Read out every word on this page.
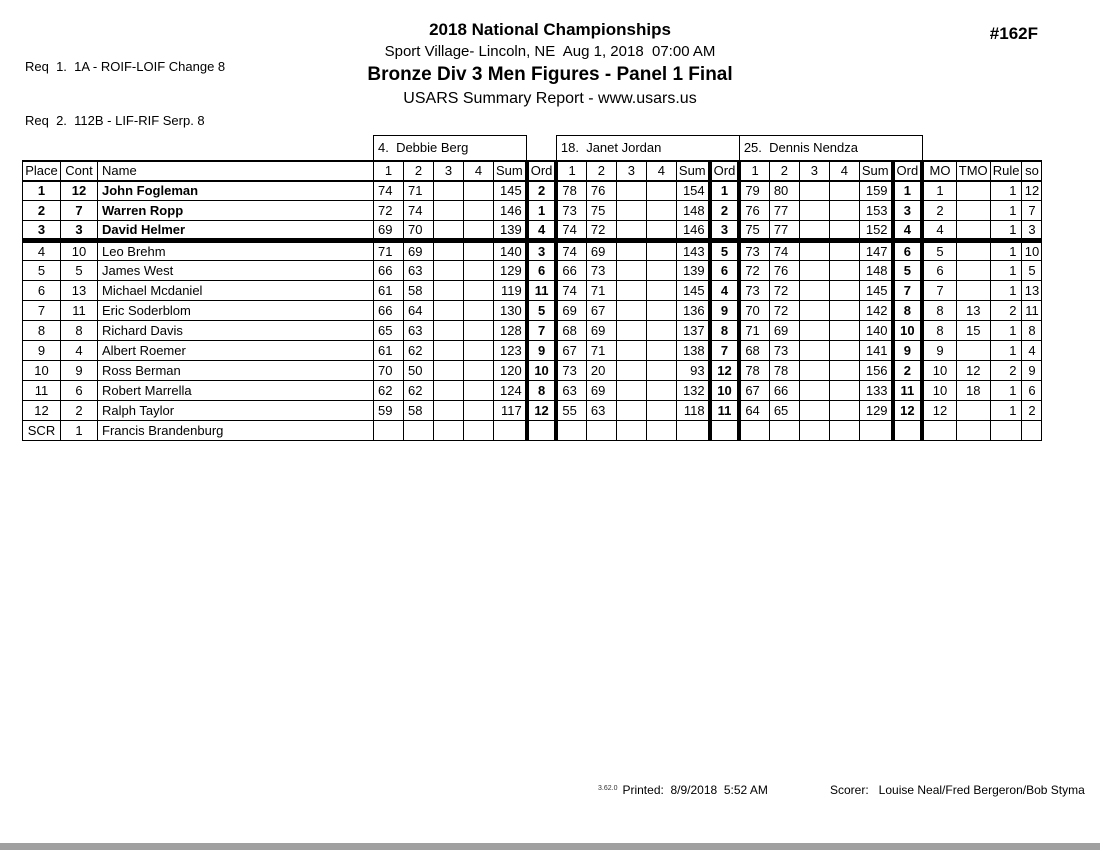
Req  1.  1A - ROIF-LOIF Change 8

Req  2.  112B - LIF-RIF Serp. 8

2018 National Championships
Sport Village- Lincoln, NE  Aug 1, 2018  07:00 AM
Bronze Div 3 Men Figures - Panel 1 Final
USARS Summary Report - www.usars.us
#162F
			4.  Debbie Berg						18.  Janet Jordan						25.  Dennis Nendza									
Place	Cont	Name	1	2	3	4	Sum	Ord	1	2	3	4	Sum	Ord	1	2	3	4	Sum	Ord	MO	TMO	Rule	so
1	12	John Fogleman	74	71			145	2	78	76			154	1	79	80			159	1	1		1	12
2	7	Warren Ropp	72	74			146	1	73	75			148	2	76	77			153	3	2		1	7
3	3	David Helmer	69	70			139	4	74	72			146	3	75	77			152	4	4		1	3
4	10	Leo Brehm	71	69			140	3	74	69			143	5	73	74			147	6	5		1	10
5	5	James West	66	63			129	6	66	73			139	6	72	76			148	5	6		1	5
6	13	Michael Mcdaniel	61	58			119	11	74	71			145	4	73	72			145	7	7		1	13
7	11	Eric Soderblom	66	64			130	5	69	67			136	9	70	72			142	8	8	13	2	11
8	8	Richard Davis	65	63			128	7	68	69			137	8	71	69			140	10	8	15	1	8
9	4	Albert Roemer	61	62			123	9	67	71			138	7	68	73			141	9	9		1	4
10	9	Ross Berman	70	50			120	10	73	20			93	12	78	78			156	2	10	12	2	9
11	6	Robert Marrella	62	62			124	8	63	69			132	10	67	66			133	11	10	18	1	6
12	2	Ralph Taylor	59	58			117	12	55	63			118	11	64	65			129	12	12		1	2
SCR	1	Francis Brandenburg																						
$^{3.62.0}$ Printed:  8/9/2018  5:52 AM	Scorer:   Louise Neal/Fred Bergeron/Bob Styma
